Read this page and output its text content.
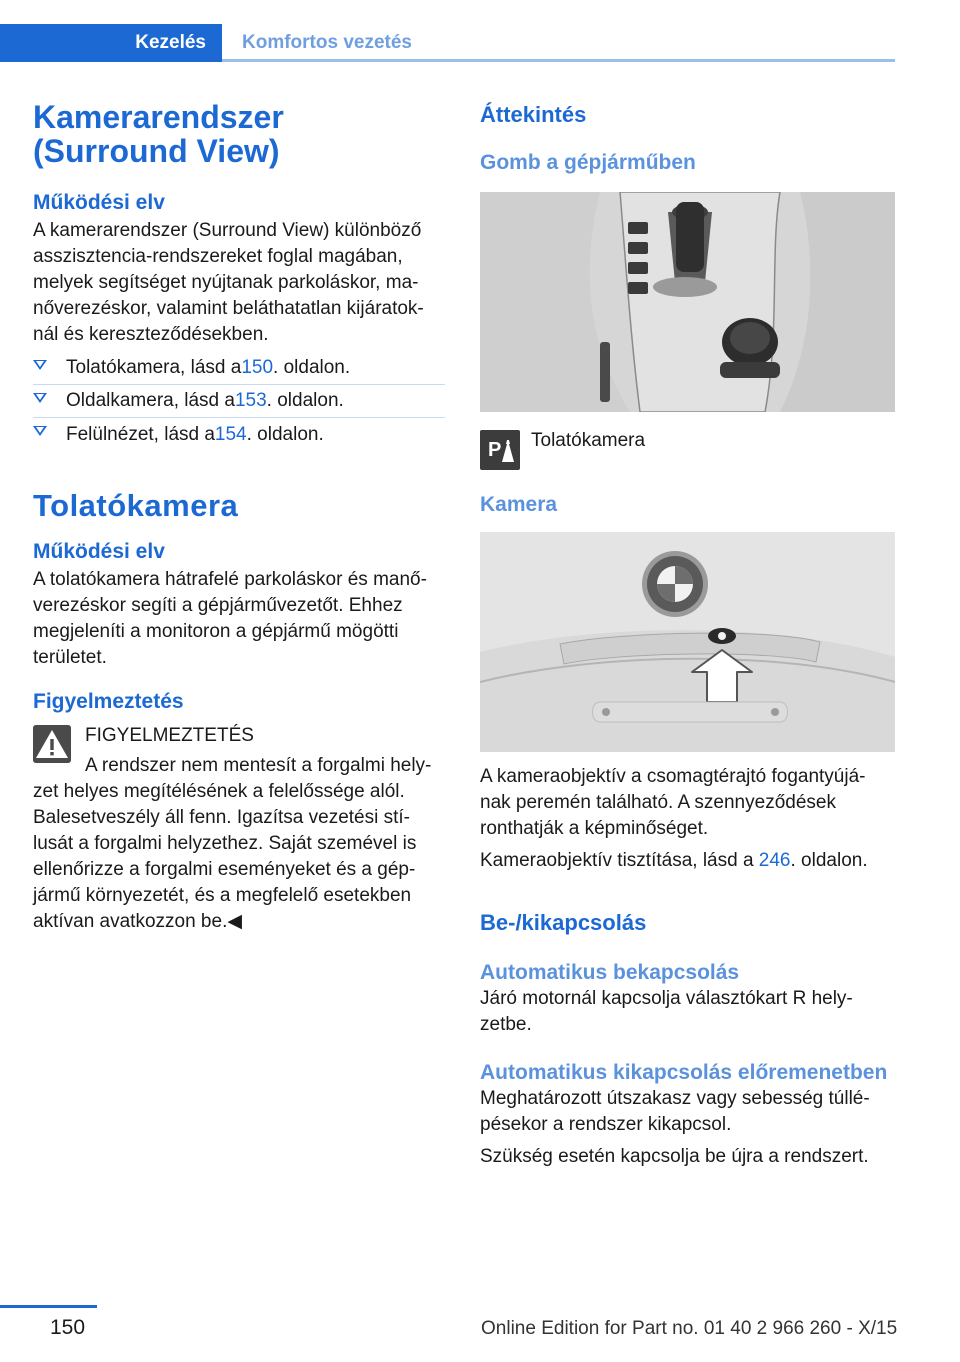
Kezelés	Komfortos vezetés
Kamerarendszer (Surround View)
Működési elv

A kamerarendszer (Surround View) különböző asszisztencia-rendszereket foglal magában, melyek segítséget nyújtanak parkoláskor, ma-nőverezéskor, valamint beláthatatlan kijáratok-nál és kereszteződésekben.

Tolatókamera, lásd a 150 . oldalon.
Oldalkamera, lásd a 153 . oldalon.
Felülnézet, lásd a 154 . oldalon.
Tolatókamera
Működési elv

A tolatókamera hátrafelé parkoláskor és manő-verezéskor segíti a gépjárművezetőt. Ehhez megjeleníti a monitoron a gépjármű mögötti területet.

Figyelmeztetés

FIGYELMEZTETÉS

A rendszer nem mentesít a forgalmi hely-

zet helyes megítélésének a felelőssége alól. Balesetveszély áll fenn. Igazítsa vezetési stí-lusát a forgalmi helyzethez. Saját szemével is ellenőrizze a forgalmi eseményeket és a gép-jármű környezetét, és a megfelelő esetekben aktívan avatkozzon be.◀

Áttekintés
Gomb a gépjárműben
P Tolatókamera

Kamera

A kameraobjektív a csomagtérajtó fogantyújá-nak peremén található. A szennyeződések ronthatják a képminőséget.

Kameraobjektív tisztítása, lásd a 246. oldalon.

Be-/kikapcsolás
Automatikus bekapcsolás

Járó motornál kapcsolja választókart R hely-zetbe.

Automatikus kikapcsolás előremenetben

Meghatározott útszakasz vagy sebesség túllé-pésekor a rendszer kikapcsol.

Szükség esetén kapcsolja be újra a rendszert.

150	Online Edition for Part no. 01 40 2 966 260 - X/15
